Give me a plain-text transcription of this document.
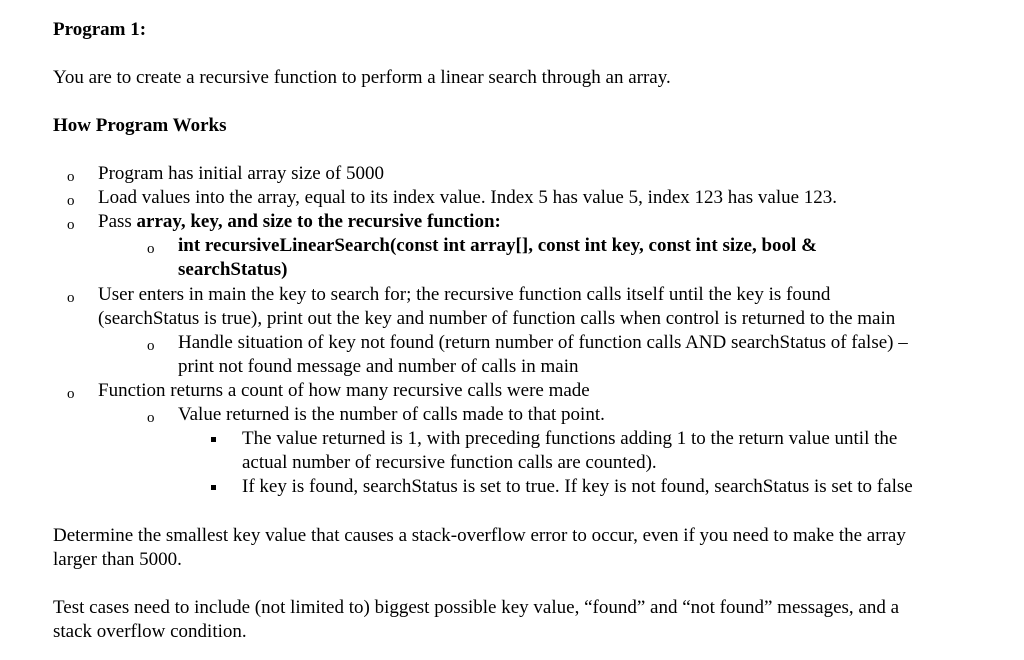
Program 1:
You are to create a recursive function to perform a linear search through an array.
How Program Works
o Program has initial array size of 5000
o Load values into the array, equal to its index value. Index 5 has value 5, index 123 has value 123.
o Pass array, key, and size to the recursive function:
o int recursiveLinearSearch(const int array[], const int key, const int size, bool &
searchStatus)
o User enters in main the key to search for; the recursive function calls itself until the key is found
(searchStatus is true), print out the key and number of function calls when control is returned to the main
o Handle situation of key not found (return number of function calls AND searchStatus of false) –
print not found message and number of calls in main
o Function returns a count of how many recursive calls were made
o Value returned is the number of calls made to that point.
The value returned is 1, with preceding functions adding 1 to the return value until the
actual number of recursive function calls are counted).
If key is found, searchStatus is set to true. If key is not found, searchStatus is set to false
Determine the smallest key value that causes a stack-overflow error to occur, even if you need to make the array
larger than 5000.
Test cases need to include (not limited to) biggest possible key value, “found” and “not found” messages, and a
stack overflow condition.
